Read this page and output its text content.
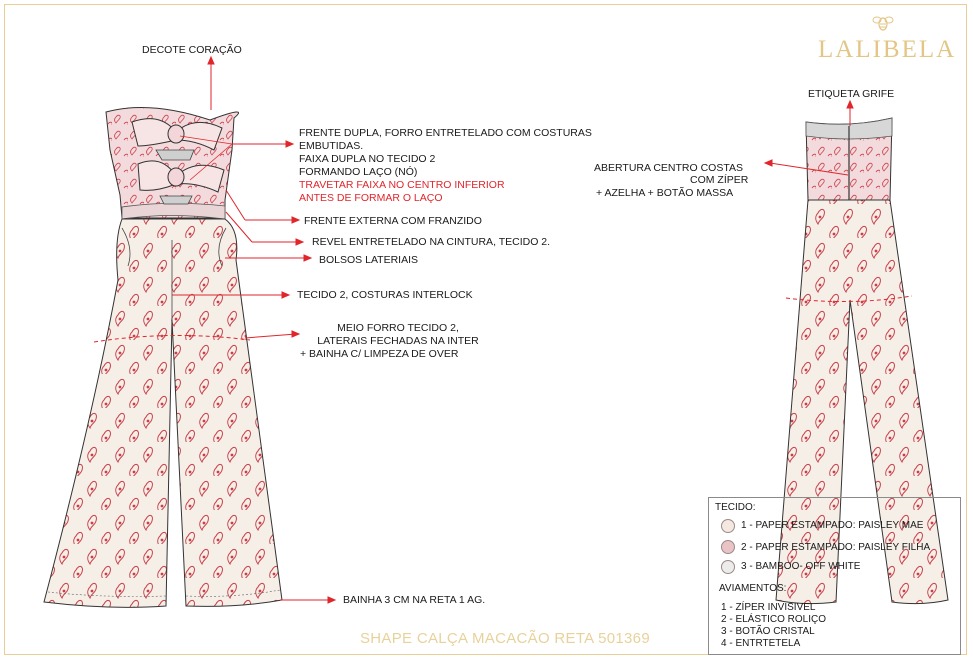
LALIBELA
DECOTE CORAÇÃO
FRENTE DUPLA, FORRO ENTRETELADO COM COSTURAS
EMBUTIDAS.
FAIXA DUPLA NO TECIDO 2
FORMANDO LAÇO (NÓ)
TRAVETAR FAIXA NO CENTRO INFERIOR
ANTES DE FORMAR O LAÇO
FRENTE EXTERNA COM FRANZIDO
REVEL ENTRETELADO NA CINTURA, TECIDO 2.
BOLSOS LATERIAIS
TECIDO 2, COSTURAS INTERLOCK
MEIO FORRO TECIDO 2,
LATERAIS FECHADAS NA INTER
+ BAINHA C/ LIMPEZA DE OVER
BAINHA 3 CM NA RETA 1 AG.
ETIQUETA GRIFE
ABERTURA CENTRO COSTAS
COM ZÍPER
+ AZELHA + BOTÃO MASSA
TECIDO:
1 - PAPER ESTAMPADO: PAISLEY MAE
2 - PAPER ESTAMPADO: PAISLEY FILHA
3 - BAMBOO- OFF WHITE
AVIAMENTOS:
1 - ZÍPER INVISIVEL
2 - ELÁSTICO ROLIÇO
3 - BOTÃO CRISTAL
4 - ENTRTETELA
SHAPE CALÇA MACACÃO RETA 501369
